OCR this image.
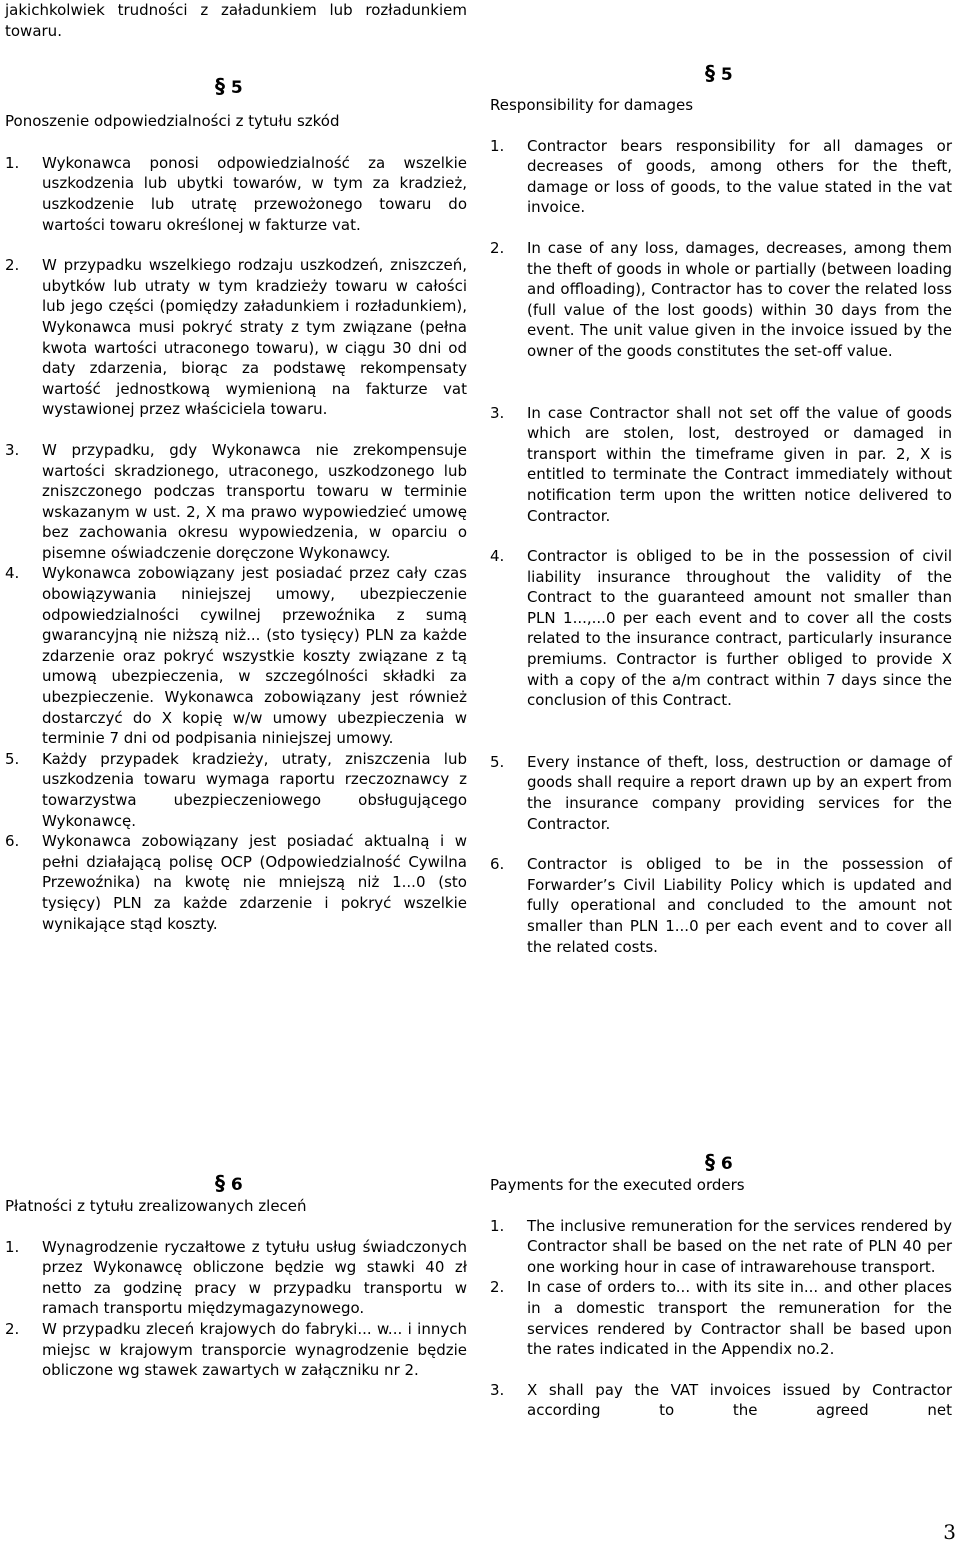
jakichkolwiek trudności z załadunkiem lub rozładunkiem towaru.
§ 5
Ponoszenie odpowiedzialności z tytułu szkód
1.	Wykonawca ponosi odpowiedzialność za wszelkie uszkodzenia lub ubytki towarów, w tym za kradzież, uszkodzenie lub utratę przewożonego towaru do wartości towaru określonej w fakturze vat.
2.	W przypadku wszelkiego rodzaju uszkodzeń, zniszczeń, ubytków lub utraty w tym kradzieży towaru w całości lub jego części (pomiędzy załadunkiem i rozładunkiem), Wykonawca musi pokryć straty z tym związane (pełna kwota wartości utraconego towaru), w ciągu 30 dni od daty zdarzenia, biorąc za podstawę rekompensaty wartość jednostkową wymienioną na fakturze vat wystawionej przez właściciela towaru.
3.	W przypadku, gdy Wykonawca nie zrekompensuje wartości skradzionego, utraconego, uszkodzonego lub zniszczonego podczas transportu towaru w terminie wskazanym w ust. 2, X ma prawo wypowiedzieć umowę bez zachowania okresu wypowiedzenia, w oparciu o pisemne oświadczenie doręczone Wykonawcy.
4.	Wykonawca zobowiązany jest posiadać przez cały czas obowiązywania niniejszej umowy, ubezpieczenie odpowiedzialności cywilnej przewoźnika z sumą gwarancyjną nie niższą niż... (sto tysięcy) PLN za każde zdarzenie oraz pokryć wszystkie koszty związane z tą umową ubezpieczenia, w szczególności składki za ubezpieczenie. Wykonawca zobowiązany jest również dostarczyć do X kopię w/w umowy ubezpieczenia w terminie 7 dni od podpisania niniejszej umowy.
5.	Każdy przypadek kradzieży, utraty, zniszczenia lub uszkodzenia towaru wymaga raportu rzeczoznawcy z towarzystwa ubezpieczeniowego obsługującego Wykonawcę.
6.	Wykonawca zobowiązany jest posiadać aktualną i w pełni działającą polisę OCP (Odpowiedzialność Cywilna Przewoźnika) na kwotę nie mniejszą niż 1...0 (sto tysięcy) PLN za każde zdarzenie i pokryć wszelkie wynikające stąd koszty.
§ 5
Responsibility for damages
1.	Contractor bears responsibility for all damages or decreases of goods, among others for the theft, damage or loss of goods, to the value stated in the vat invoice.
2.	In case of any loss, damages, decreases, among them the theft of goods in whole or partially (between loading and offloading), Contractor has to cover the related loss (full value of the lost goods) within 30 days from the event. The unit value given in the invoice issued by the owner of the goods constitutes the set-off value.
3.	In case Contractor shall not set off the value of goods which are stolen, lost, destroyed or damaged in transport within the timeframe given in par. 2, X is entitled to terminate the Contract immediately without notification term upon the written notice delivered to Contractor.
4.	Contractor is obliged to be in the possession of civil liability insurance throughout the validity of the Contract to the guaranteed amount not smaller than PLN 1...,...0 per each event and to cover all the costs related to the insurance contract, particularly insurance premiums. Contractor is further obliged to provide X with a copy of the a/m contract within 7 days since the conclusion of this Contract.
5.	Every instance of theft, loss, destruction or damage of goods shall require a report drawn up by an expert from the insurance company providing services for the Contractor.
6.	Contractor is obliged to be in the possession of Forwarder’s Civil Liability Policy which is updated and fully operational and concluded to the amount not smaller than PLN 1...0 per each event and to cover all the related costs.
§ 6
Płatności z tytułu zrealizowanych zleceń
1.	Wynagrodzenie ryczałtowe z tytułu usług świadczonych przez Wykonawcę obliczone będzie wg stawki 40 zł netto za godzinę pracy w przypadku transportu w ramach transportu międzymagazynowego.
2.	W przypadku zleceń krajowych do fabryki... w... i innych miejsc w krajowym transporcie wynagrodzenie będzie obliczone wg stawek zawartych w załączniku nr 2.
§ 6
Payments for the executed orders
1.	The inclusive remuneration for the services rendered by Contractor shall be based on the net rate of PLN 40 per one working hour in case of intrawarehouse transport.
2.	In case of orders to... with its site in... and other places in a domestic transport the remuneration for the services rendered by Contractor shall be based upon the rates indicated in the Appendix no.2.
3.	X shall pay the VAT invoices issued by Contractor according to the agreed net
3
